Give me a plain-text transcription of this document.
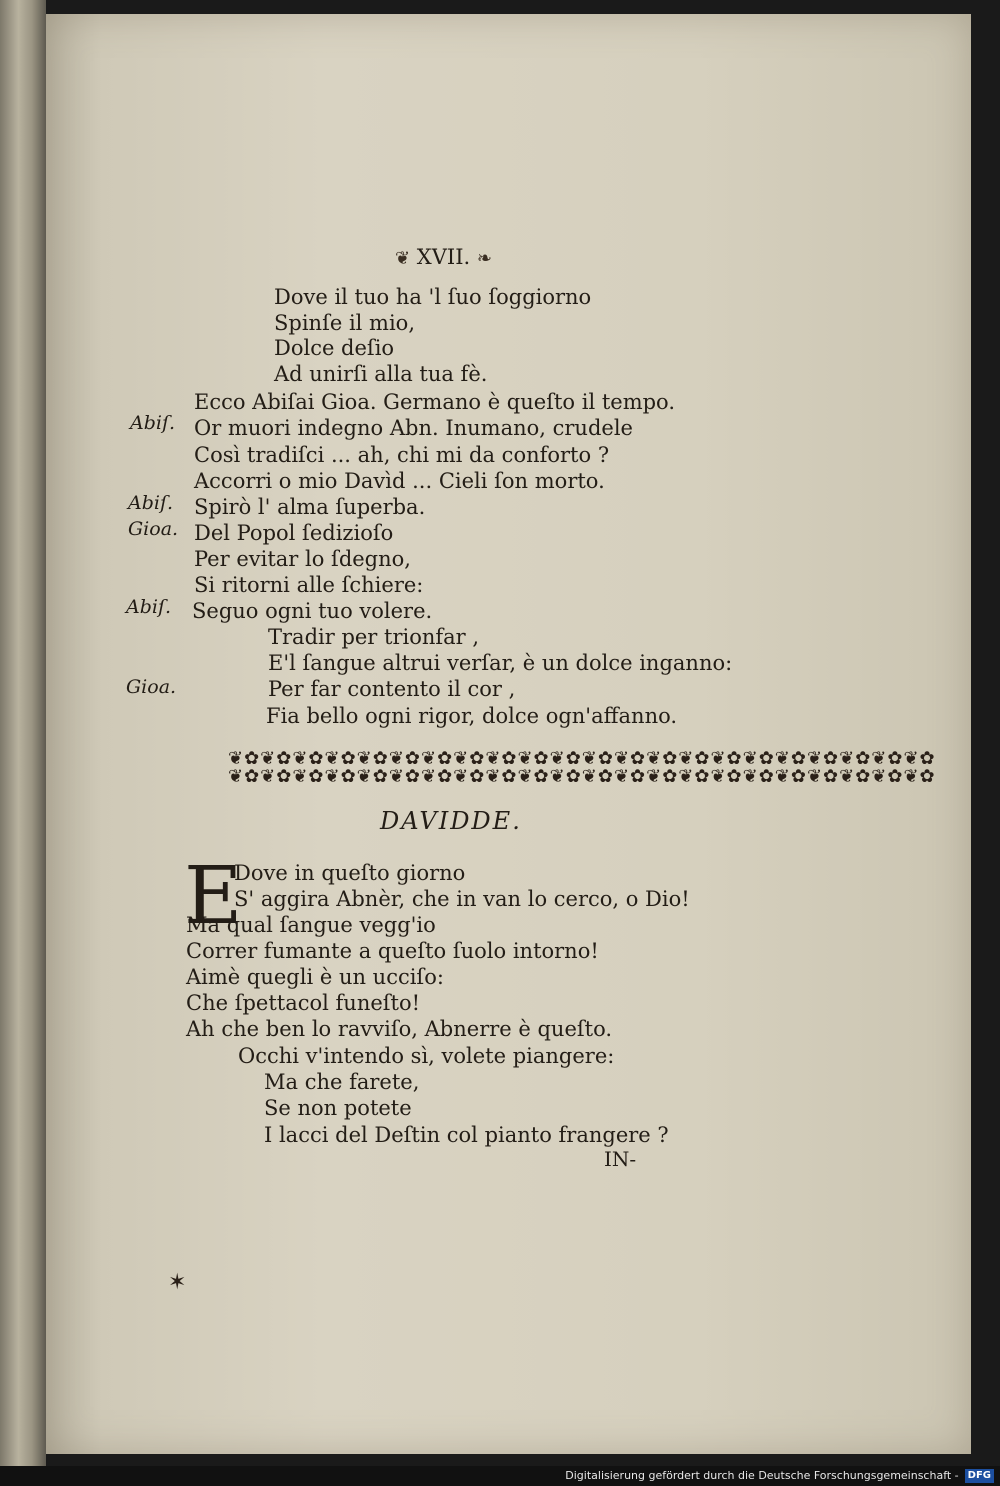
❦ XVII. ❧
Dove il tuo ha 'l ſuo ſoggiorno
Spinſe il mio,
Dolce deſio
Ad unirſi alla tua fè.
Ecco Abiſai Gioa. Germano è queſto il tempo.
Abiſ. Or muori indegno Abn. Inumano, crudele
Così tradiſci ... ah, chi mi da conforto ?
Accorri o mio Davìd ... Cieli ſon morto.
Abiſ. Spirò l' alma ſuperba.
Gioa. Del Popol ſedizioſo
Per evitar lo ſdegno,
Si ritorni alle ſchiere:
Abiſ. Seguo ogni tuo volere.
Tradir per trionfar ,
E'l ſangue altrui verſar, è un dolce inganno:
Gioa.	Per far contento il cor ,
Fia bello ogni rigor, dolce ogn'affanno.
❦✿❦✿❦✿❦✿❦✿❦✿❦✿❦✿❦✿❦✿❦✿❦✿❦✿❦✿❦✿❦✿❦✿❦✿❦✿❦✿❦✿❦✿
❦✿❦✿❦✿❦✿❦✿❦✿❦✿❦✿❦✿❦✿❦✿❦✿❦✿❦✿❦✿❦✿❦✿❦✿❦✿❦✿❦✿❦✿
DAVIDDE.
E
Dove in queſto giorno
S' aggira Abnèr, che in van lo cerco, o Dio!
Ma qual ſangue vegg'io
Correr fumante a queſto ſuolo intorno!
Aimè quegli è un ucciſo:
Che ſpettacol funeſto!
Ah che ben lo ravviſo, Abnerre è queſto.
Occhi v'intendo sì, volete piangere:
Ma che farete,
Se non potete
I lacci del Deſtin col pianto frangere ?
IN-
✶
Digitalisierung gefördert durch die Deutsche Forschungsgemeinschaft - DFG
